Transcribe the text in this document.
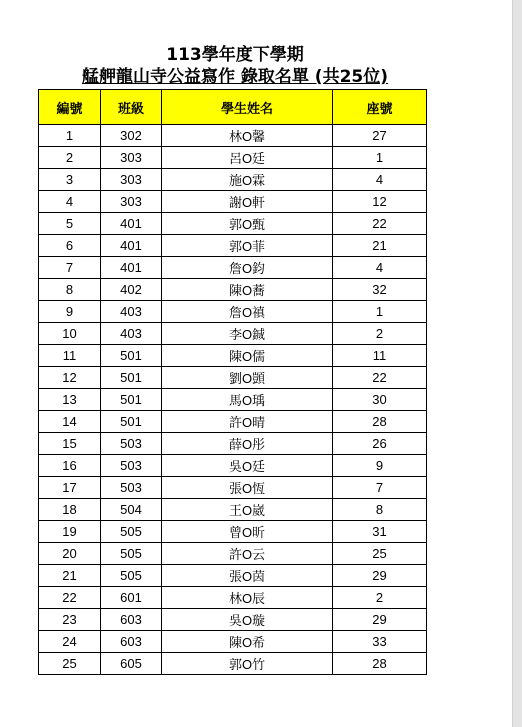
113學年度下學期
艋舺龍山寺公益寫作 錄取名單 (共25位)
編號	班級	學生姓名	座號
1	302	林O馨	27
2	303	呂O廷	1
3	303	施O霖	4
4	303	謝O軒	12
5	401	郭O甄	22
6	401	郭O菲	21
7	401	詹O鈞	4
8	402	陳O蕎	32
9	403	詹O禛	1
10	403	李O鋮	2
11	501	陳O儒	11
12	501	劉O顗	22
13	501	馬O瑀	30
14	501	許O晴	28
15	503	薛O彤	26
16	503	吳O廷	9
17	503	張O恆	7
18	504	王O崴	8
19	505	曾O昕	31
20	505	許O云	25
21	505	張O茵	29
22	601	林O辰	2
23	603	吳O璇	29
24	603	陳O希	33
25	605	郭O竹	28
